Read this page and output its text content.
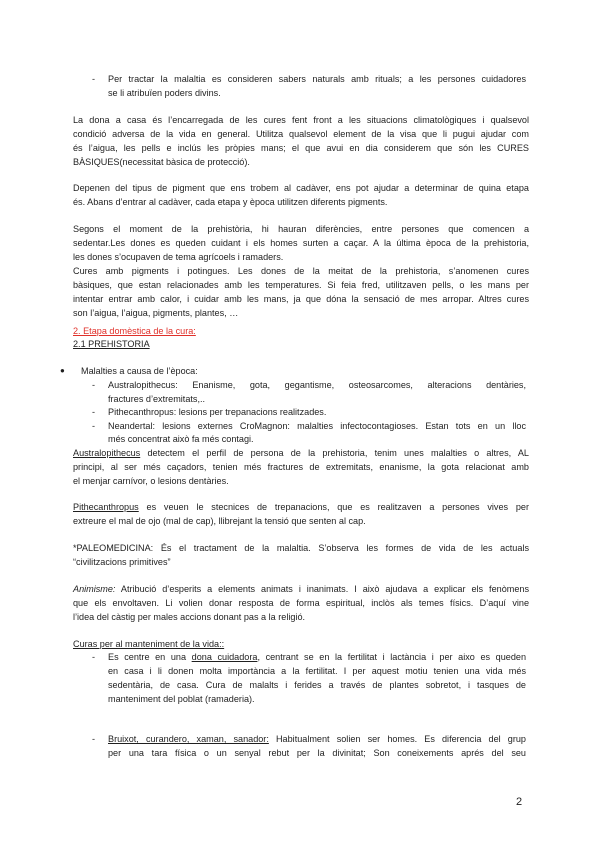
- Per tractar la malaltia es consideren sabers naturals amb rituals; a les persones cuidadores
se li atribuïen poders divins.
La dona a casa és l’encarregada de les cures fent front a les situacions climatològiques i qualsevol
condició adversa de la vida en general. Utilitza qualsevol element de la visa que li pugui ajudar com
és l’aigua, les pells e inclús les pròpies mans; el que avui en dia considerem que són les CURES
BÀSIQUES(necessitat bàsica de protecció).
Depenen del tipus de pigment que ens trobem al cadàver, ens pot ajudar a determinar de quina etapa
és. Abans d’entrar al cadàver, cada etapa y època utilitzen diferents pigments.
Segons el moment de la prehistòria, hi hauran diferències, entre persones que comencen a
sedentar.Les dones es queden cuidant i els homes surten a caçar. A la última època de la prehistoria,
les dones s’ocupaven de tema agrícoels i ramaders.
Cures amb pigments i potingues. Les dones de la meitat de la prehistoria, s’anomenen cures
bàsiques, que estan relacionades amb les temperatures. Si feia fred, utilitzaven pells, o les mans per
intentar entrar amb calor, i cuidar amb les mans, ja que dóna la sensació de mes arropar. Altres cures
son l’aigua, l’aigua, pigments, plantes, …
2. Etapa domèstica de la cura:
2.1 PREHISTORIA
● Malalties a causa de l’època:
- Australopithecus: Enanisme, gota, gegantisme, osteosarcomes, alteracions dentàries,
fractures d’extremitats,..
- Pithecanthropus: lesions per trepanacions realitzades.
- Neandertal: lesions externes CroMagnon: malalties infectocontagioses. Estan tots en un lloc
més concentrat això fa més contagi.
Australopithecus detectem el perfil de persona de la prehistoria, tenim unes malalties o altres, AL
principi, al ser més caçadors, tenien més fractures de extremitats, enanisme, la gota relacionat amb
el menjar carnívor, o lesions dentàries.
Pithecanthropus es veuen le stecnices de trepanacions, que es realitzaven a persones vives per
extreure el mal de ojo (mal de cap), llibrejant la tensió que senten al cap.
*PALEOMEDICINA: És el tractament de la malaltia. S’observa les formes de vida de les actuals
“civilitzacions primitives”
Animisme: Atribució d’esperits a elements animats i inanimats. I això ajudava a explicar els fenòmens
que els envoltaven. Li volien donar resposta de forma espiritual, inclòs als temes físics. D’aquí vine
l’idea del càstig per males accions donant pas a la religió.
Curas per al manteniment de la vida::
- Es centre en una dona cuidadora, centrant se en la fertilitat i lactància i per aixo es queden
en casa i li donen molta importància a la fertilitat. I per aquest motiu tenien una vida més
sedentària, de casa. Cura de malalts i ferides a través de plantes sobretot, i tasques de
manteniment del poblat (ramaderia).
- Bruixot, curandero, xaman, sanador: Habitualment solien ser homes. Es diferencia del grup
per una tara física o un senyal rebut per la divinitat; Son coneixements aprés del seu
2
